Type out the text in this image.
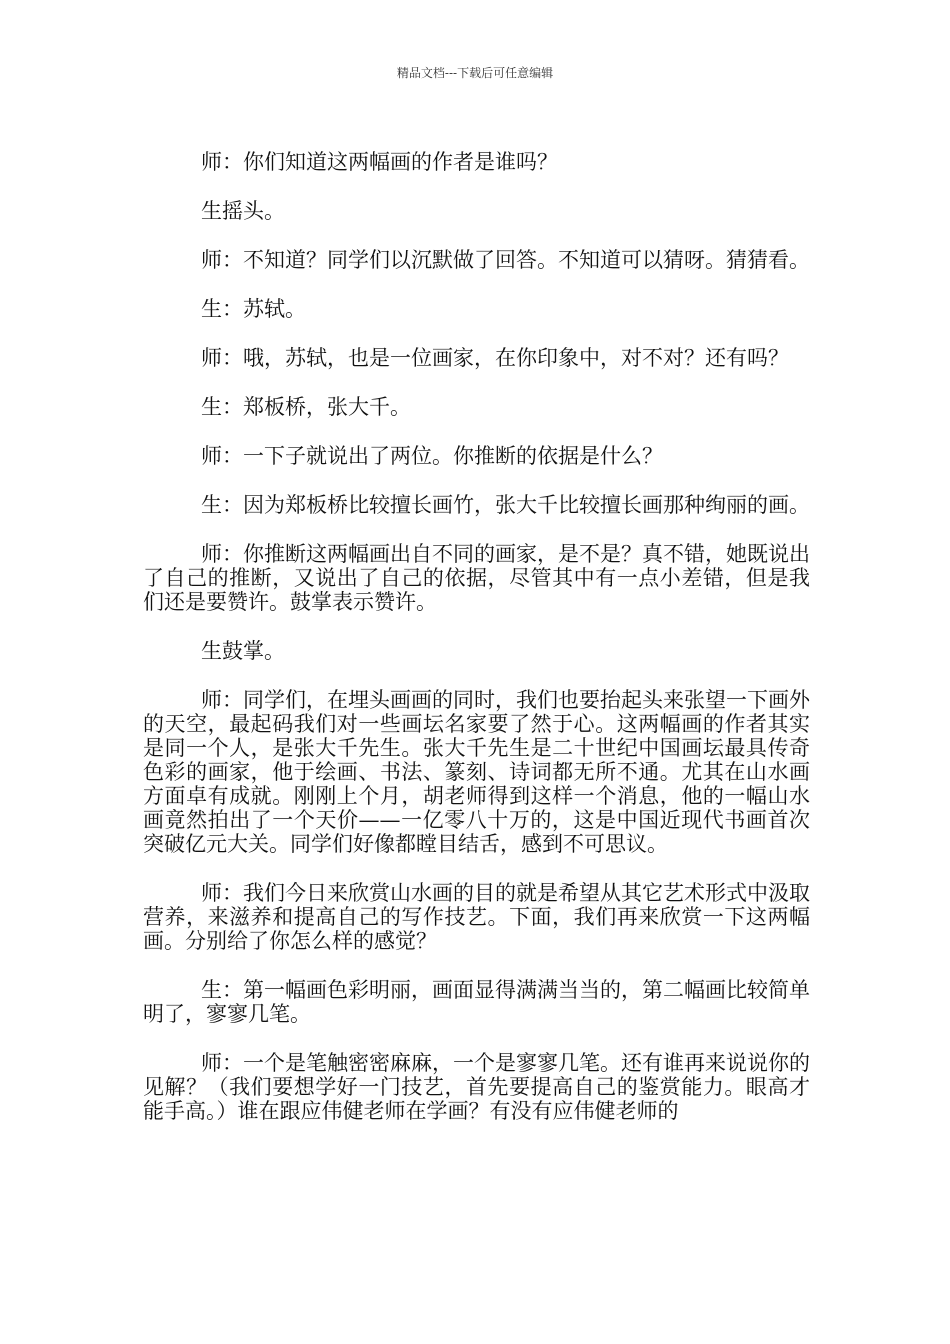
精品文档---下载后可任意编辑

师：你们知道这两幅画的作者是谁吗？

生摇头。

师：不知道？同学们以沉默做了回答。不知道可以猜呀。猜猜看。

生：苏轼。

师：哦，苏轼，也是一位画家，在你印象中，对不对？还有吗？

生：郑板桥，张大千。

师：一下子就说出了两位。你推断的依据是什么？

生：因为郑板桥比较擅长画竹，张大千比较擅长画那种绚丽的画。

师：你推断这两幅画出自不同的画家，是不是？真不错，她既说出了自己的推断，又说出了自己的依据，尽管其中有一点小差错，但是我们还是要赞许。鼓掌表示赞许。

生鼓掌。

师：同学们，在埋头画画的同时，我们也要抬起头来张望一下画外的天空，最起码我们对一些画坛名家要了然于心。这两幅画的作者其实是同一个人，是张大千先生。张大千先生是二十世纪中国画坛最具传奇色彩的画家，他于绘画、书法、篆刻、诗词都无所不通。尤其在山水画方面卓有成就。刚刚上个月，胡老师得到这样一个消息，他的一幅山水画竟然拍出了一个天价——一亿零八十万的，这是中国近现代书画首次突破亿元大关。同学们好像都瞠目结舌，感到不可思议。

师：我们今日来欣赏山水画的目的就是希望从其它艺术形式中汲取营养，来滋养和提高自己的写作技艺。下面，我们再来欣赏一下这两幅画。分别给了你怎么样的感觉？

生：第一幅画色彩明丽，画面显得满满当当的，第二幅画比较简单明了，寥寥几笔。

师：一个是笔触密密麻麻，一个是寥寥几笔。还有谁再来说说你的见解？（我们要想学好一门技艺，首先要提高自己的鉴赏能力。眼高才能手高。）谁在跟应伟健老师在学画？有没有应伟健老师的
